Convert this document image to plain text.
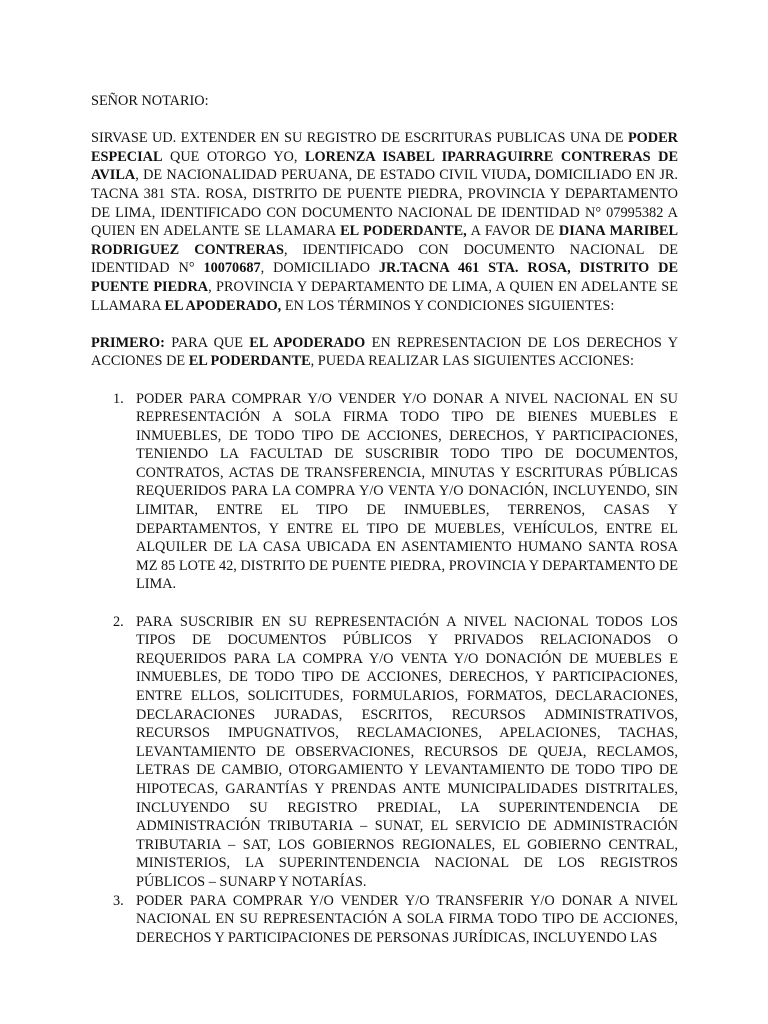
SEÑOR NOTARIO:

SIRVASE UD. EXTENDER EN SU REGISTRO DE ESCRITURAS PUBLICAS UNA DE PODER ESPECIAL QUE OTORGO YO, LORENZA ISABEL IPARRAGUIRRE CONTRERAS DE AVILA, DE NACIONALIDAD PERUANA, DE ESTADO CIVIL VIUDA, DOMICILIADO EN JR. TACNA 381 STA. ROSA, DISTRITO DE PUENTE PIEDRA, PROVINCIA Y DEPARTAMENTO DE LIMA, IDENTIFICADO CON DOCUMENTO NACIONAL DE IDENTIDAD N° 07995382 A QUIEN EN ADELANTE SE LLAMARA EL PODERDANTE, A FAVOR DE DIANA MARIBEL RODRIGUEZ CONTRERAS, IDENTIFICADO CON DOCUMENTO NACIONAL DE IDENTIDAD N° 10070687, DOMICILIADO JR.TACNA 461 STA. ROSA, DISTRITO DE PUENTE PIEDRA, PROVINCIA Y DEPARTAMENTO DE LIMA, A QUIEN EN ADELANTE SE LLAMARA EL APODERADO, EN LOS TÉRMINOS Y CONDICIONES SIGUIENTES:

PRIMERO: PARA QUE EL APODERADO EN REPRESENTACION DE LOS DERECHOS Y ACCIONES DE EL PODERDANTE, PUEDA REALIZAR LAS SIGUIENTES ACCIONES:

1. PODER PARA COMPRAR Y/O VENDER Y/O DONAR A NIVEL NACIONAL EN SU REPRESENTACIÓN A SOLA FIRMA TODO TIPO DE BIENES MUEBLES E INMUEBLES, DE TODO TIPO DE ACCIONES, DERECHOS, Y PARTICIPACIONES, TENIENDO LA FACULTAD DE SUSCRIBIR TODO TIPO DE DOCUMENTOS, CONTRATOS, ACTAS DE TRANSFERENCIA, MINUTAS Y ESCRITURAS PÚBLICAS REQUERIDOS PARA LA COMPRA Y/O VENTA Y/O DONACIÓN, INCLUYENDO, SIN LIMITAR, ENTRE EL TIPO DE INMUEBLES, TERRENOS, CASAS Y DEPARTAMENTOS, Y ENTRE EL TIPO DE MUEBLES, VEHÍCULOS, ENTRE EL ALQUILER DE LA CASA UBICADA EN ASENTAMIENTO HUMANO SANTA ROSA MZ 85 LOTE 42, DISTRITO DE PUENTE PIEDRA, PROVINCIA Y DEPARTAMENTO DE LIMA.
2. PARA SUSCRIBIR EN SU REPRESENTACIÓN A NIVEL NACIONAL TODOS LOS TIPOS DE DOCUMENTOS PÚBLICOS Y PRIVADOS RELACIONADOS O REQUERIDOS PARA LA COMPRA Y/O VENTA Y/O DONACIÓN DE MUEBLES E INMUEBLES, DE TODO TIPO DE ACCIONES, DERECHOS, Y PARTICIPACIONES, ENTRE ELLOS, SOLICITUDES, FORMULARIOS, FORMATOS, DECLARACIONES, DECLARACIONES JURADAS, ESCRITOS, RECURSOS ADMINISTRATIVOS, RECURSOS IMPUGNATIVOS, RECLAMACIONES, APELACIONES, TACHAS, LEVANTAMIENTO DE OBSERVACIONES, RECURSOS DE QUEJA, RECLAMOS, LETRAS DE CAMBIO, OTORGAMIENTO Y LEVANTAMIENTO DE TODO TIPO DE HIPOTECAS, GARANTÍAS Y PRENDAS ANTE MUNICIPALIDADES DISTRITALES, INCLUYENDO SU REGISTRO PREDIAL, LA SUPERINTENDENCIA DE ADMINISTRACIÓN TRIBUTARIA – SUNAT, EL SERVICIO DE ADMINISTRACIÓN TRIBUTARIA – SAT, LOS GOBIERNOS REGIONALES, EL GOBIERNO CENTRAL, MINISTERIOS, LA SUPERINTENDENCIA NACIONAL DE LOS REGISTROS PÚBLICOS – SUNARP Y NOTARÍAS.
3. PODER PARA COMPRAR Y/O VENDER Y/O TRANSFERIR Y/O DONAR A NIVEL NACIONAL EN SU REPRESENTACIÓN A SOLA FIRMA TODO TIPO DE ACCIONES, DERECHOS Y PARTICIPACIONES DE PERSONAS JURÍDICAS, INCLUYENDO LAS
